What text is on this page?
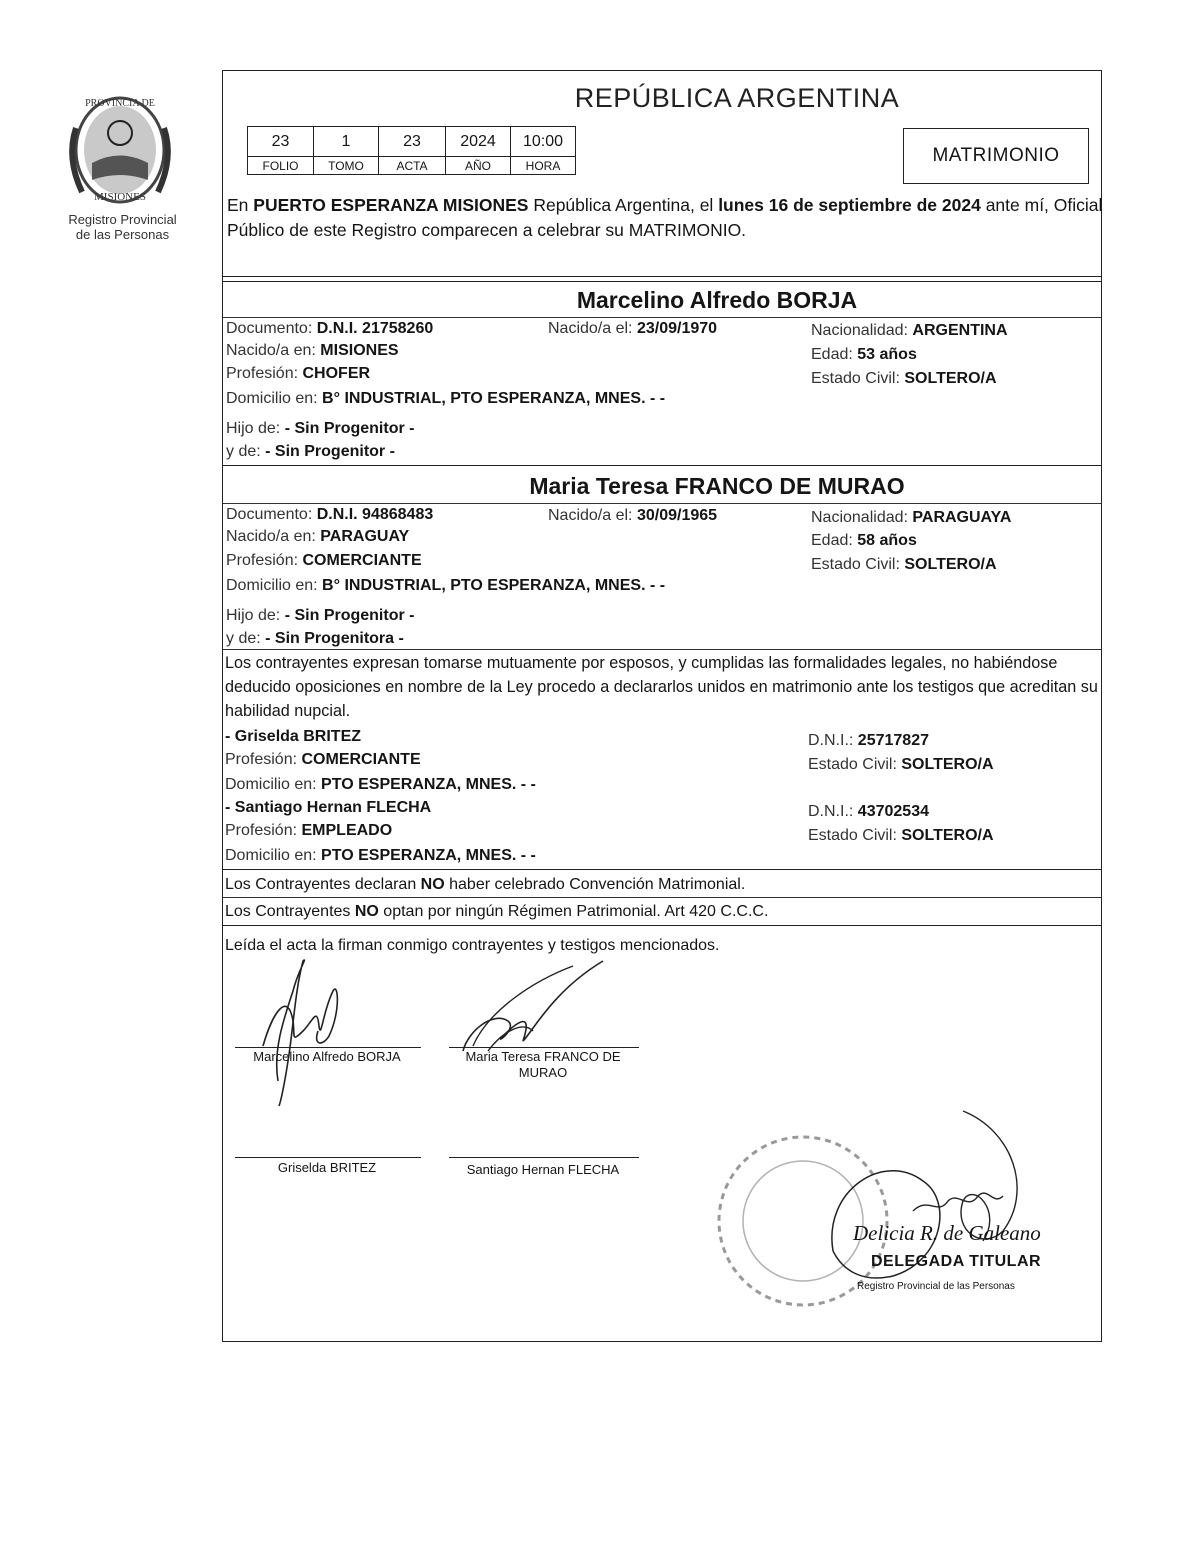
PROVINCIA DE
MISIONES
Registro Provincial
de las Personas
REPÚBLICA ARGENTINA
23	1	23	2024	10:00
FOLIO	TOMO	ACTA	AÑO	HORA	MATRIMONIO
En PUERTO ESPERANZA MISIONES República Argentina, el lunes 16 de septiembre de 2024 ante mí, Oficial Público de este Registro comparecen a celebrar su MATRIMONIO.
Marcelino Alfredo BORJA
Documento: D.N.I. 21758260	Nacido/a el: 23/09/1970	Nacionalidad: ARGENTINA
Nacido/a en: MISIONES	Edad: 53 años
Profesión: CHOFER	Estado Civil: SOLTERO/A
Domicilio en: B° INDUSTRIAL, PTO ESPERANZA, MNES. - -
Hijo de: - Sin Progenitor -
y de: - Sin Progenitor -
Maria Teresa FRANCO DE MURAO
Documento: D.N.I. 94868483	Nacido/a el: 30/09/1965	Nacionalidad: PARAGUAYA
Nacido/a en: PARAGUAY	Edad: 58 años
Profesión: COMERCIANTE	Estado Civil: SOLTERO/A
Domicilio en: B° INDUSTRIAL, PTO ESPERANZA, MNES. - -
Hijo de: - Sin Progenitor -
y de: - Sin Progenitora -
Los contrayentes expresan tomarse mutuamente por esposos, y cumplidas las formalidades legales, no habiéndose deducido oposiciones en nombre de la Ley procedo a declararlos unidos en matrimonio ante los testigos que acreditan su habilidad nupcial.
- Griselda BRITEZ	D.N.I.: 25717827
Profesión: COMERCIANTE	Estado Civil: SOLTERO/A
Domicilio en: PTO ESPERANZA, MNES. - -
- Santiago Hernan FLECHA	D.N.I.: 43702534
Profesión: EMPLEADO	Estado Civil: SOLTERO/A
Domicilio en: PTO ESPERANZA, MNES. - -
Los Contrayentes declaran NO haber celebrado Convención Matrimonial.
Los Contrayentes NO optan por ningún Régimen Patrimonial. Art 420 C.C.C.
Leída el acta la firman conmigo contrayentes y testigos mencionados.
Marcelino Alfredo BORJA	Maria Teresa FRANCO DE
MURAO
Griselda BRITEZ	Santiago Hernan FLECHA
Delicia R. de Galeano
DELEGADA TITULAR
Registro Provincial de las Personas
